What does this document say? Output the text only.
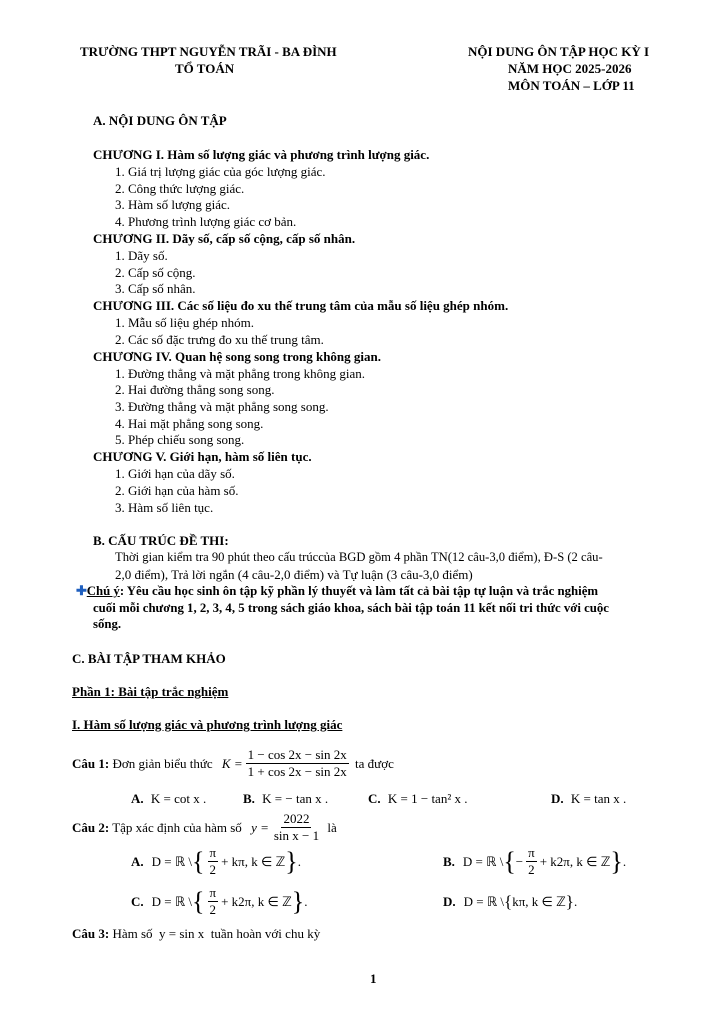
TRƯỜNG THPT NGUYỄN TRÃI - BA ĐÌNH
TỔ TOÁN
NỘI DUNG ÔN TẬP HỌC KỲ I
NĂM HỌC 2025-2026
MÔN TOÁN – LỚP 11
A. NỘI DUNG ÔN TẬP
CHƯƠNG I. Hàm số lượng giác và phương trình lượng giác.
1. Giá trị lượng giác của góc lượng giác.
2. Công thức lượng giác.
3. Hàm số lượng giác.
4. Phương trình lượng giác cơ bản.
CHƯƠNG II. Dãy số, cấp số cộng, cấp số nhân.
1. Dãy số.
2. Cấp số cộng.
3. Cấp số nhân.
CHƯƠNG III. Các số liệu đo xu thế trung tâm của mẫu số liệu ghép nhóm.
1. Mẫu số liệu ghép nhóm.
2. Các số đặc trưng đo xu thế trung tâm.
CHƯƠNG IV. Quan hệ song song trong không gian.
1. Đường thẳng và mặt phẳng trong không gian.
2. Hai đường thẳng song song.
3. Đường thẳng và mặt phẳng song song.
4. Hai mặt phẳng song song.
5. Phép chiếu song song.
CHƯƠNG V. Giới hạn, hàm số liên tục.
1. Giới hạn của dãy số.
2. Giới hạn của hàm số.
3. Hàm số liên tục.
B. CẤU TRÚC ĐỀ THI:
Thời gian kiểm tra 90 phút theo cấu trúccủa BGD gồm 4 phần TN(12 câu-3,0 điểm), Đ-S (2 câu-
2,0 điểm), Trả lời ngắn (4 câu-2,0 điểm) và Tự luận (3 câu-3,0 điểm)
✚Chú ý: Yêu cầu học sinh ôn tập kỹ phần lý thuyết và làm tất cả bài tập tự luận và trắc nghiệm
cuối mỗi chương 1, 2, 3, 4, 5 trong sách giáo khoa, sách bài tập toán 11 kết nối tri thức với cuộc
sống.
C. BÀI TẬP THAM KHẢO
Phần 1: Bài tập trắc nghiệm
I. Hàm số lượng giác và phương trình lượng giác
Câu 1: Đơn giản biểu thức $K = \frac{1 - \cos 2x - \sin 2x}{1 + \cos 2x - \sin 2x}$ ta được
A. K = cot x .	B. K = − tan x .	C. K = 1 − tan² x .	D. K = tan x .
Câu 2: Tập xác định của hàm số $y = \frac{2022}{\text{sin x − 1}}$ là
A. D = ℝ \ { $\frac{\pi}{2} + k\pi$, k ∈ ℤ } .	B. D = ℝ \ { − $\frac{\pi}{2} + k2\pi$, k ∈ ℤ } .
C. D = ℝ \ { $\frac{\pi}{2} + k2\pi$, k ∈ ℤ } .	D. D = ℝ \ { kπ, k ∈ ℤ } .
Câu 3: Hàm số  y = sin x  tuần hoàn với chu kỳ
1
